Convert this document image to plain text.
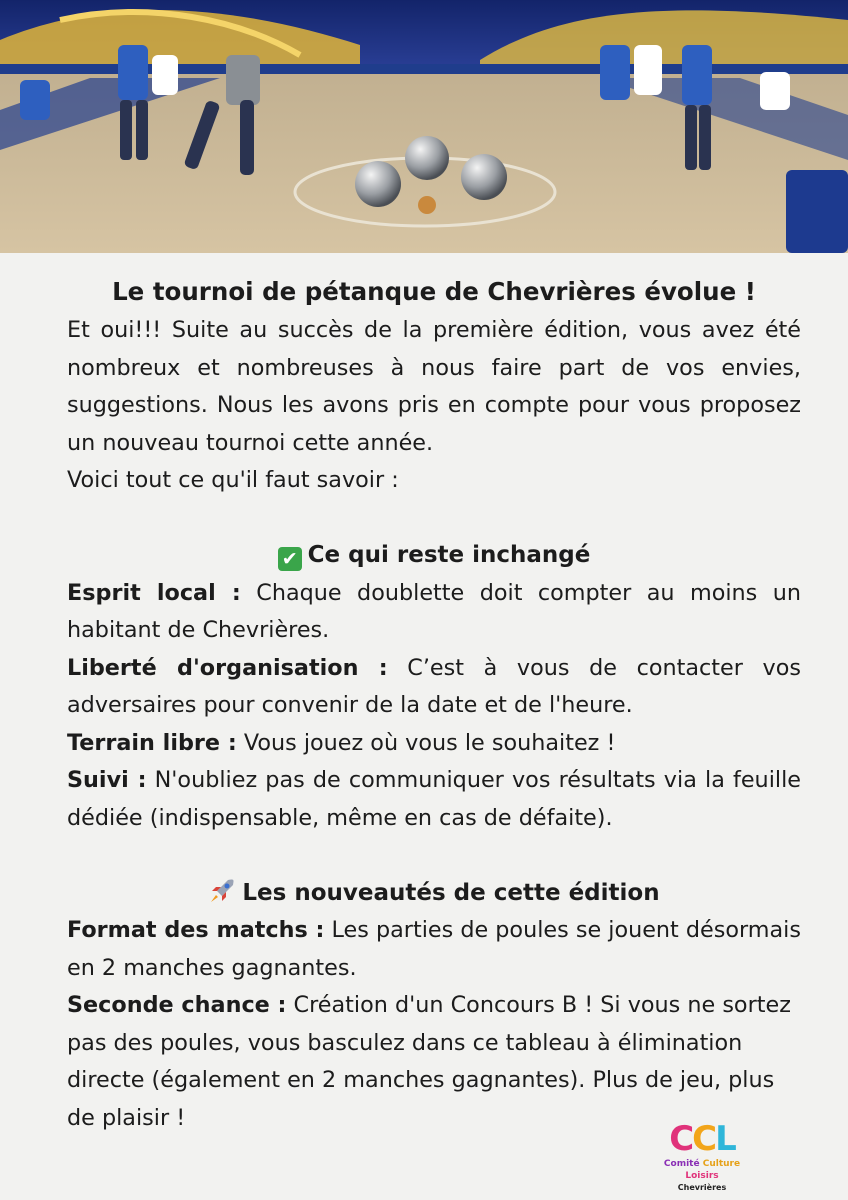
Le tournoi de pétanque de Chevrières évolue !

Et oui!!! Suite au succès de la première édition, vous avez été nombreux et nombreuses à nous faire part de vos envies, suggestions. Nous les avons pris en compte pour vous proposez un nouveau tournoi cette année.

Voici tout ce qu'il faut savoir :

✔ Ce qui reste inchangé

Esprit local : Chaque doublette doit compter au moins un habitant de Chevrières.

Liberté d'organisation : C’est à vous de contacter vos adversaires pour convenir de la date et de l'heure.

Terrain libre : Vous jouez où vous le souhaitez !

Suivi : N'oubliez pas de communiquer vos résultats via la feuille dédiée (indispensable, même en cas de défaite).

Les nouveautés de cette édition

Format des matchs : Les parties de poules se jouent désormais en 2 manches gagnantes.

Seconde chance : Création d'un Concours B ! Si vous ne sortez pas des poules, vous basculez dans ce tableau à élimination directe (également en 2 manches gagnantes). Plus de jeu, plus de plaisir !

CCL
Comité Culture Loisirs
Chevrières
